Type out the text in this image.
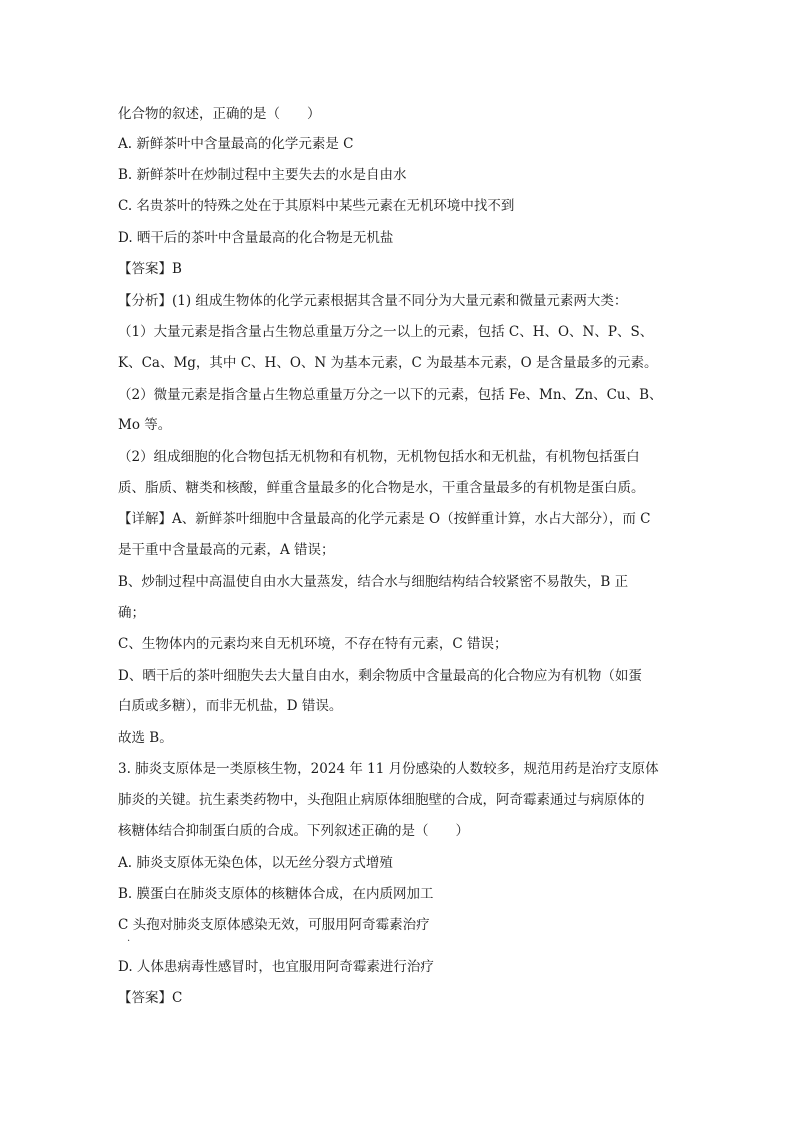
化合物的叙述，正确的是（　　）
A. 新鲜茶叶中含量最高的化学元素是 C
B. 新鲜茶叶在炒制过程中主要失去的水是自由水
C. 名贵茶叶的特殊之处在于其原料中某些元素在无机环境中找不到
D. 晒干后的茶叶中含量最高的化合物是无机盐
【答案】B
【分析】(1) 组成生物体的化学元素根据其含量不同分为大量元素和微量元素两大类：
（1）大量元素是指含量占生物总重量万分之一以上的元素，包括 C、H、O、N、P、S、
K、Ca、Mg，其中 C、H、O、N 为基本元素，C 为最基本元素，O 是含量最多的元素。
（2）微量元素是指含量占生物总重量万分之一以下的元素，包括 Fe、Mn、Zn、Cu、B、
Mo 等。
（2）组成细胞的化合物包括无机物和有机物，无机物包括水和无机盐，有机物包括蛋白
质、脂质、糖类和核酸，鲜重含量最多的化合物是水，干重含量最多的有机物是蛋白质。
【详解】A、新鲜茶叶细胞中含量最高的化学元素是 O（按鲜重计算，水占大部分），而 C
是干重中含量最高的元素，A 错误；
B、炒制过程中高温使自由水大量蒸发，结合水与细胞结构结合较紧密不易散失，B 正
确；
C、生物体内的元素均来自无机环境，不存在特有元素，C 错误；
D、晒干后的茶叶细胞失去大量自由水，剩余物质中含量最高的化合物应为有机物（如蛋
白质或多糖），而非无机盐，D 错误。
故选 B。
3. 肺炎支原体是一类原核生物，2024 年 11 月份感染的人数较多，规范用药是治疗支原体
肺炎的关键。抗生素类药物中，头孢阻止病原体细胞壁的合成，阿奇霉素通过与病原体的
核糖体结合抑制蛋白质的合成。下列叙述正确的是（　　）
A. 肺炎支原体无染色体，以无丝分裂方式增殖
B. 膜蛋白在肺炎支原体的核糖体合成，在内质网加工
C 头孢对肺炎支原体感染无效，可服用阿奇霉素治疗
.
D. 人体患病毒性感冒时，也宜服用阿奇霉素进行治疗
【答案】C
